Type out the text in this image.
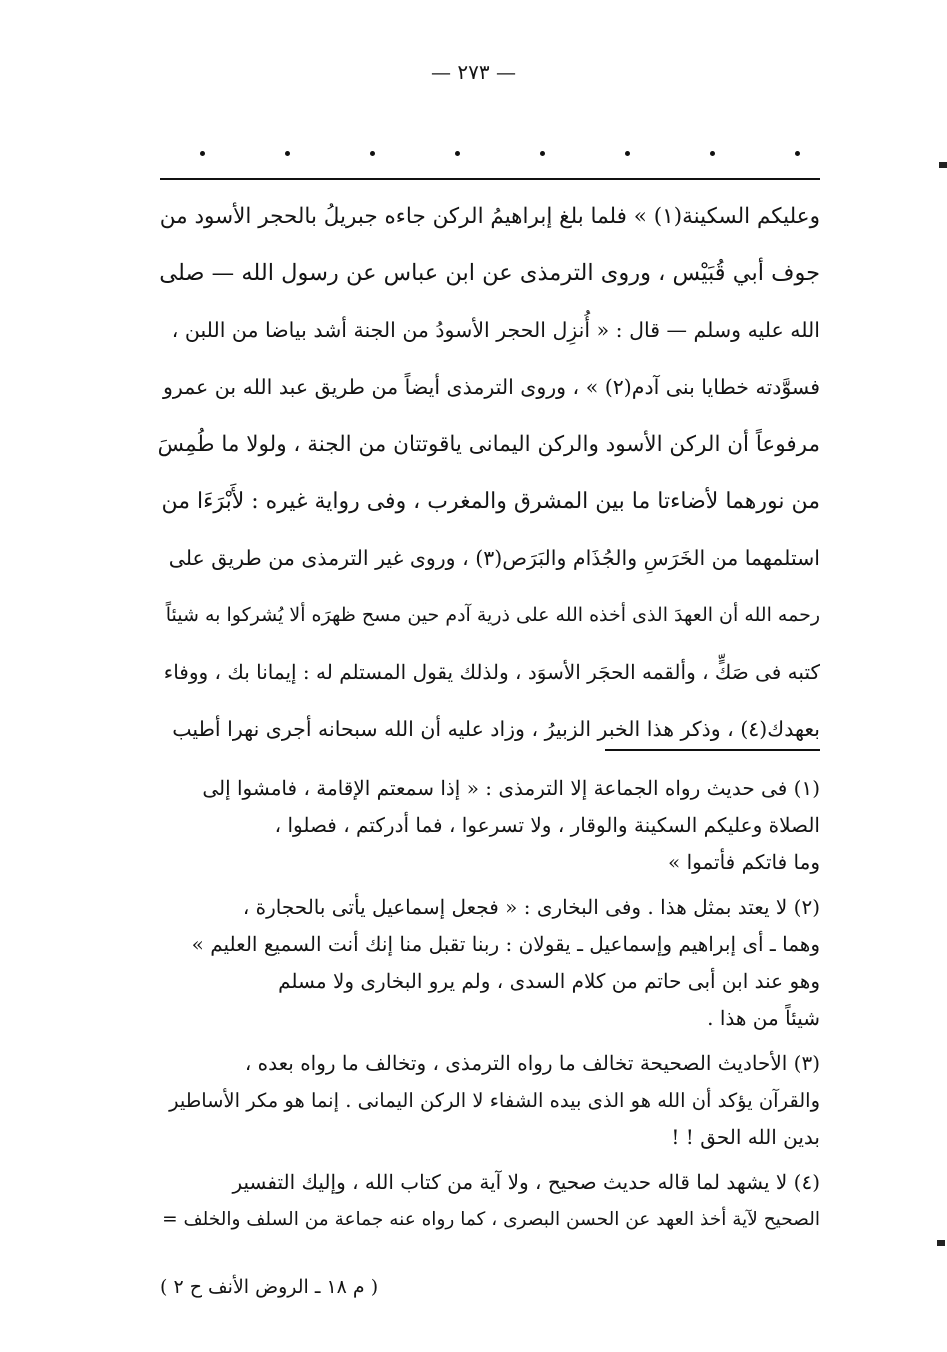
— ٢٧٣ —
وعليكم السكينة(١) » فلما بلغ إبراهيمُ الركن جاءه جبريلُ بالحجر الأسود من
جوف أبي قُبَيْس ، وروى الترمذى عن ابن عباس عن رسول الله — صلى
الله عليه وسلم — قال : « أُنزِل الحجر الأسودُ من الجنة أشد بياضا من اللبن ،
فسوَّدته خطايا بنى آدم(٢) » ، وروى الترمذى أيضاً من طريق عبد الله بن عمرو
مرفوعاً أن الركن الأسود والركن اليمانى ياقوتتان من الجنة ، ولولا ما طُمِسَ
من نورهما لأضاءتا ما بين المشرق والمغرب ، وفى رواية غيره : لأَبْرَءَا من
استلمهما من الخَرَسِ والجُذَام والبَرَص(٣) ، وروى غير الترمذى من طريق على
رحمه الله أن العهدَ الذى أخذه الله على ذرية آدم حين مسح ظهرَه ألا يُشركوا به شيئاً
كتبه فى صَكٍّ ، وألقمه الحجَر الأسوَد ، ولذلك يقول المستلم له : إيمانا بك ، ووفاء
بعهدك(٤) ، وذكر هذا الخبر الزبيرُ ، وزاد عليه أن الله سبحانه أجرى نهرا أطيب
(١) فى حديث رواه الجماعة إلا الترمذى : « إذا سمعتم الإقامة ، فامشوا إلى
الصلاة وعليكم السكينة والوقار ، ولا تسرعوا ، فما أدركتم ، فصلوا ،
وما فاتكم فأتموا »
(٢) لا يعتد بمثل هذا . وفى البخارى : « فجعل إسماعيل يأتى بالحجارة ،
وهما ـ أى إبراهيم وإسماعيل ـ يقولان : ربنا تقبل منا إنك أنت السميع العليم »
وهو عند ابن أبى حاتم من كلام السدى ، ولم يرو البخارى ولا مسلم
شيئاً من هذا .
(٣) الأحاديث الصحيحة تخالف ما رواه الترمذى ، وتخالف ما رواه بعده ،
والقرآن يؤكد أن الله هو الذى بيده الشفاء لا الركن اليمانى . إنما هو مكر الأساطير
بدين الله الحق ! !
(٤) لا يشهد لما قاله حديث صحيح ، ولا آية من كتاب الله ، وإليك التفسير
الصحيح لآية أخذ العهد عن الحسن البصرى ، كما رواه عنه جماعة من السلف والخلف =
( م ١٨ ـ الروض الأنف ح ٢ )
